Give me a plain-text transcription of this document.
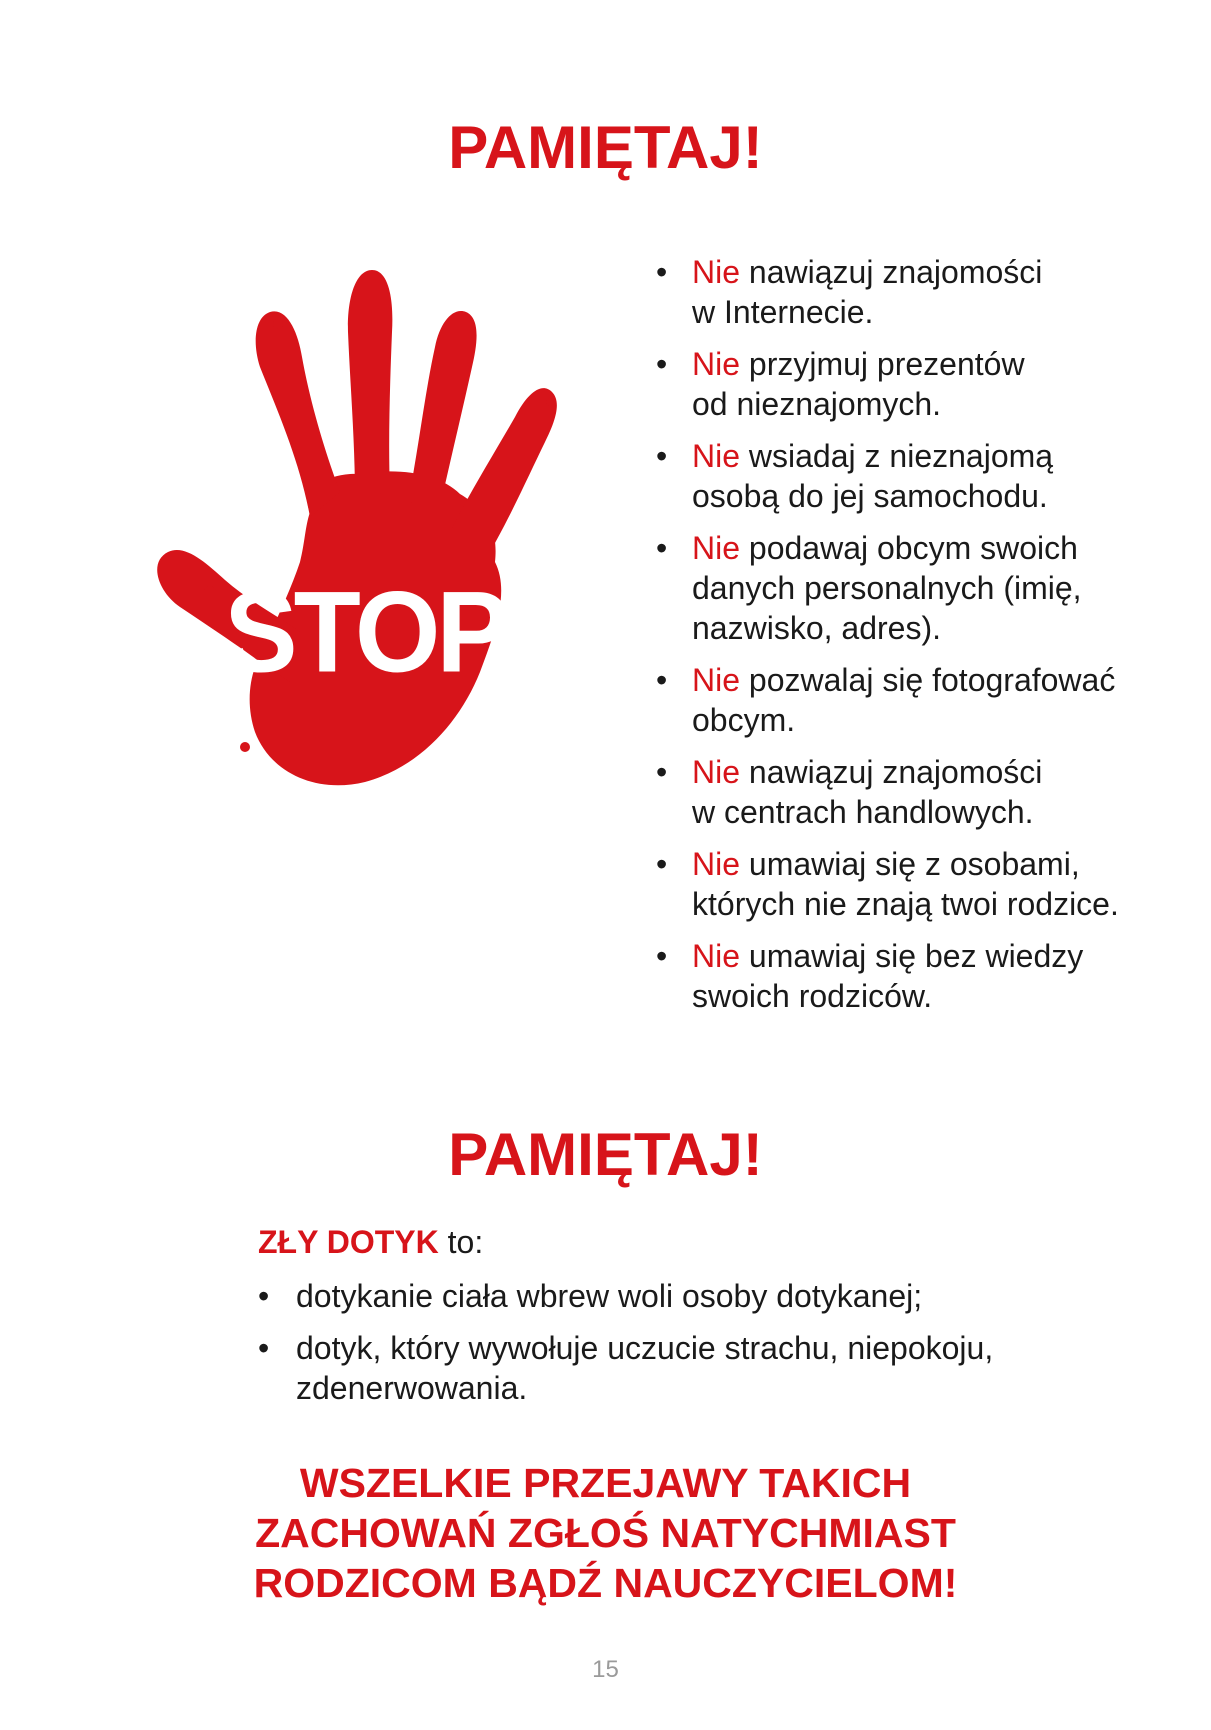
PAMIĘTAJ!
STOP
• Nie nawiązuj znajomości
w Internecie.
• Nie przyjmuj prezentów
od nieznajomych.
• Nie wsiadaj z nieznajomą
osobą do jej samochodu.
• Nie podawaj obcym swoich
danych personalnych (imię,
nazwisko, adres).
• Nie pozwalaj się fotografować
obcym.
• Nie nawiązuj znajomości
w centrach handlowych.
• Nie umawiaj się z osobami,
których nie znają twoi rodzice.
• Nie umawiaj się bez wiedzy
swoich rodziców.
PAMIĘTAJ!
ZŁY DOTYK to:
• dotykanie ciała wbrew woli osoby dotykanej;
• dotyk, który wywołuje uczucie strachu, niepokoju,
zdenerwowania.
WSZELKIE PRZEJAWY TAKICH
ZACHOWAŃ ZGŁOŚ NATYCHMIAST
RODZICOM BĄDŹ NAUCZYCIELOM!
15
